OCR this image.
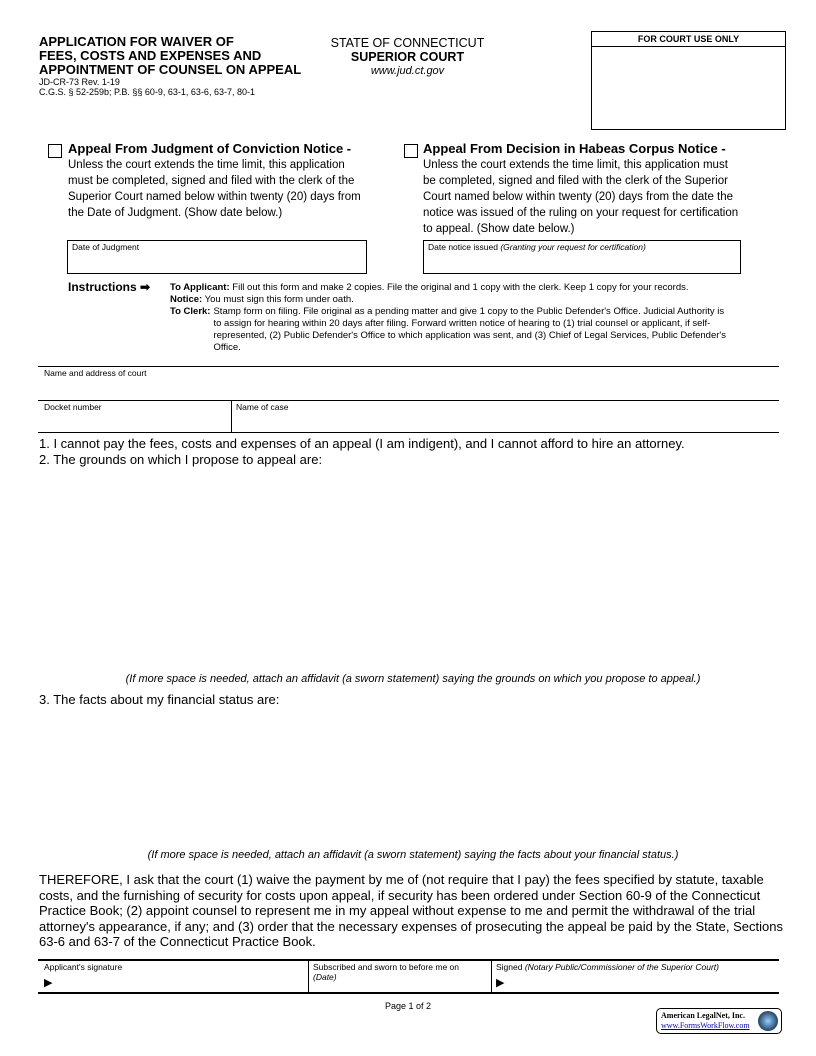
APPLICATION FOR WAIVER OF
FEES, COSTS AND EXPENSES AND
APPOINTMENT OF COUNSEL ON APPEAL
JD-CR-73 Rev. 1-19
C.G.S. § 52-259b; P.B. §§ 60-9, 63-1, 63-6, 63-7, 80-1
STATE OF CONNECTICUT
SUPERIOR COURT
www.jud.ct.gov
FOR COURT USE ONLY
Appeal From Judgment of Conviction Notice -
Unless the court extends the time limit, this application must be completed, signed and filed with the clerk of the Superior Court named below within twenty (20) days from the Date of Judgment. (Show date below.)
Date of Judgment
Appeal From Decision in Habeas Corpus Notice -
Unless the court extends the time limit, this application must be completed, signed and filed with the clerk of the Superior Court named below within twenty (20) days from the date the notice was issued of the ruling on your request for certification to appeal. (Show date below.)
Date notice issued (Granting your request for certification)
Instructions ➡ To Applicant: Fill out this form and make 2 copies. File the original and 1 copy with the clerk. Keep 1 copy for your records.
Notice: You must sign this form under oath.
To Clerk: Stamp form on filing. File original as a pending matter and give 1 copy to the Public Defender's Office. Judicial Authority is to assign for hearing within 20 days after filing. Forward written notice of hearing to (1) trial counsel or applicant, if self-represented, (2) Public Defender's Office to which application was sent, and (3) Chief of Legal Services, Public Defender's Office.
Name and address of court
Docket number	Name of case
1. I cannot pay the fees, costs and expenses of an appeal (I am indigent), and I cannot afford to hire an attorney.
2. The grounds on which I propose to appeal are:
(If more space is needed, attach an affidavit (a sworn statement) saying the grounds on which you propose to appeal.)
3. The facts about my financial status are:
(If more space is needed, attach an affidavit (a sworn statement) saying the facts about your financial status.)
THEREFORE, I ask that the court (1) waive the payment by me of (not require that I pay) the fees specified by statute, taxable costs, and the furnishing of security for costs upon appeal, if security has been ordered under Section 60-9 of the Connecticut Practice Book; (2) appoint counsel to represent me in my appeal without expense to me and permit the withdrawal of the trial attorney's appearance, if any; and (3) order that the necessary expenses of prosecuting the appeal be paid by the State, Sections 63-6 and 63-7 of the Connecticut Practice Book.
Applicant's signature
▶
Subscribed and sworn to before me on
(Date)
Signed (Notary Public/Commissioner of the Superior Court)
▶
Page 1 of 2
American LegalNet, Inc.
www.FormsWorkFlow.com
